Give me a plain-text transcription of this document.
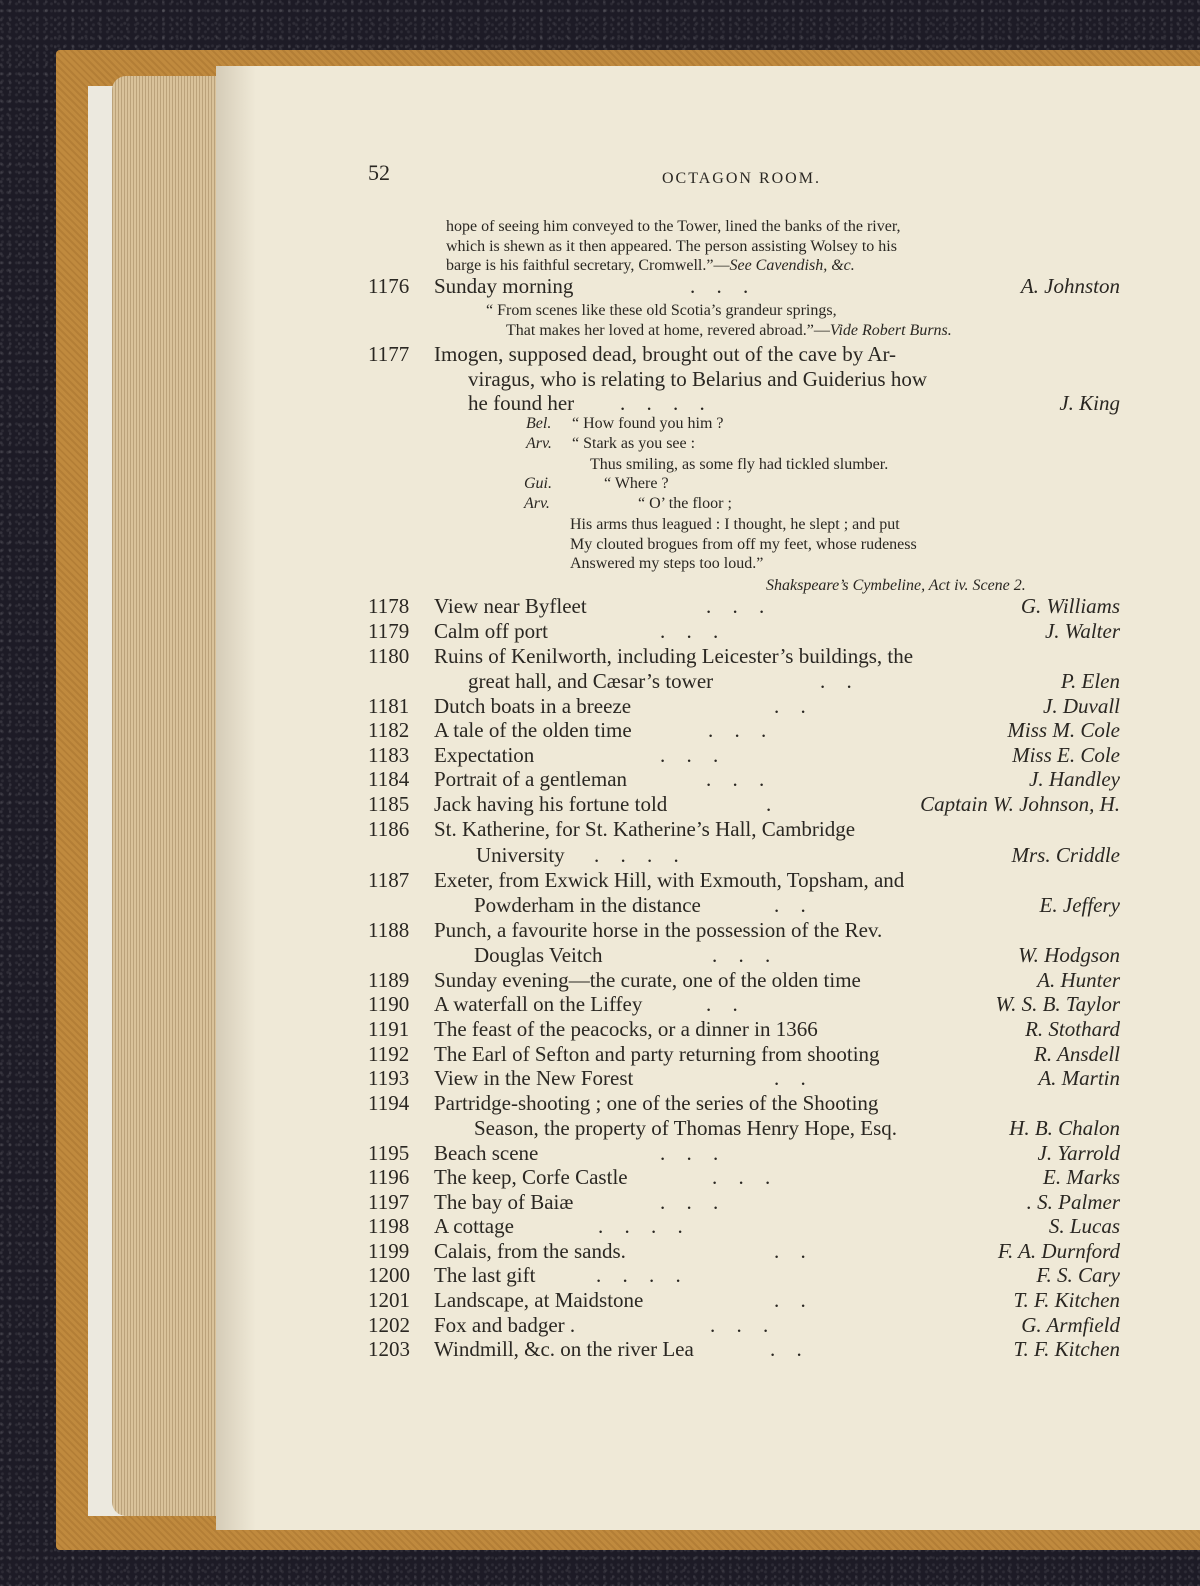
52	OCTAGON ROOM.

hope of seeing him conveyed to the Tower, lined the banks of the river,

which is shewn as it then appeared. The person assisting Wolsey to his

barge is his faithful secretary, Cromwell.”—See Cavendish, &c.

1176 Sunday morning	. . .	A. Johnston

“ From scenes like these old Scotia’s grandeur springs,

That makes her loved at home, revered abroad.”—Vide Robert Burns.

1177 Imogen, supposed dead, brought out of the cave by Ar-

viragus, who is relating to Belarius and Guiderius how

he found her . . . .	J. King

Bel. “ How found you him ?

Arv. “ Stark as you see :

Thus smiling, as some fly had tickled slumber.

Gui.	“ Where ?

Arv.	“ O’ the floor ;

His arms thus leagued : I thought, he slept ; and put

My clouted brogues from off my feet, whose rudeness

Answered my steps too loud.”

Shakspeare’s Cymbeline, Act iv. Scene 2.

1178 View near Byfleet	. . .	G. Williams

1179 Calm off port	. . .	J. Walter

1180 Ruins of Kenilworth, including Leicester’s buildings, the

great hall, and Cæsar’s tower	. .	P. Elen

1181 Dutch boats in a breeze	. .	J. Duvall

1182 A tale of the olden time	. . .	Miss M. Cole

1183 Expectation	. . .	Miss E. Cole

1184 Portrait of a gentleman	. . .	J. Handley

1185 Jack having his fortune told	.	Captain W. Johnson, H.

1186 St. Katherine, for St. Katherine’s Hall, Cambridge

University . . . .	Mrs. Criddle

1187 Exeter, from Exwick Hill, with Exmouth, Topsham, and

Powderham in the distance	. .	E. Jeffery

1188 Punch, a favourite horse in the possession of the Rev.

Douglas Veitch	. . .	W. Hodgson

1189 Sunday evening—the curate, one of the olden time	A. Hunter

1190 A waterfall on the Liffey	. .	W. S. B. Taylor

1191 The feast of the peacocks, or a dinner in 1366	R. Stothard

1192 The Earl of Sefton and party returning from shooting	R. Ansdell

1193 View in the New Forest	. .	A. Martin

1194 Partridge-shooting ; one of the series of the Shooting

Season, the property of Thomas Henry Hope, Esq.	H. B. Chalon

1195 Beach scene	. . .	J. Yarrold

1196 The keep, Corfe Castle	. . .	E. Marks

1197 The bay of Baiæ	. . .	. S. Palmer

1198 A cottage	. . . .	S. Lucas

1199 Calais, from the sands.	. .	F. A. Durnford

1200 The last gift	. . . .	F. S. Cary

1201 Landscape, at Maidstone	. .	T. F. Kitchen

1202 Fox and badger .	. . .	G. Armfield

1203 Windmill, &c. on the river Lea	. .	T. F. Kitchen
